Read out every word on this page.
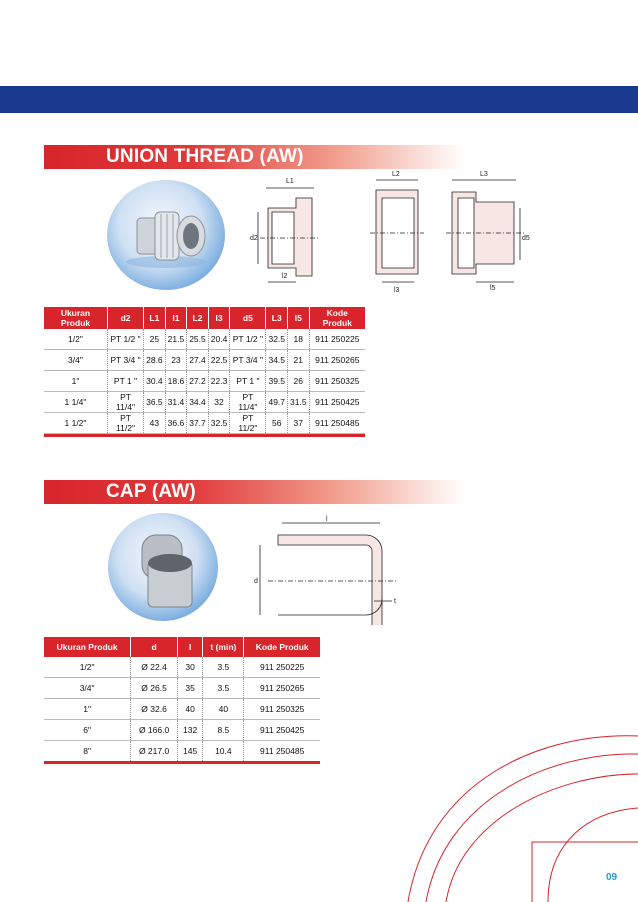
UNION THREAD (AW)
L1
d2
l2
L2
l3
L3
d5
l5
Ukuran Produk	d2	L1	l1	L2	l3	d5	L3	l5	Kode Produk
1/2"	PT 1/2 "	25	21.5	25.5	20.4	PT 1/2 "	32.5	18	911 250225
3/4"	PT 3/4 "	28.6	23	27.4	22.5	PT 3/4 "	34.5	21	911 250265
1"	PT 1 "	30.4	18.6	27.2	22.3	PT 1 "	39.5	26	911 250325
1 1/4"	PT 11/4"	36.5	31.4	34.4	32	PT 11/4"	49.7	31.5	911 250425
1 1/2"	PT 11/2"	43	36.6	37.7	32.5	PT 11/2"	56	37	911 250485
CAP (AW)
l
d
t
Ukuran Produk	d	l	t (min)	Kode Produk
1/2"	Ø 22.4	30	3.5	911 250225
3/4"	Ø 26.5	35	3.5	911 250265
1"	Ø 32.6	40	40	911 250325
6"	Ø 166.0	132	8.5	911 250425
8"	Ø 217.0	145	10.4	911 250485
09
